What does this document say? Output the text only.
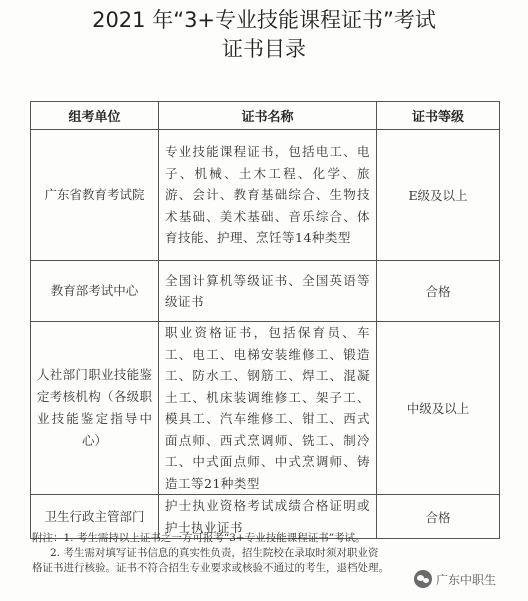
2021 年“3+专业技能课程证书”考试
证书目录
组考单位	证书名称	证书等级
广东省教育考试院	专业技能课程证书，包括电工、电子、机械、土木工程、化学、旅游、会计、教育基础综合、生物技术基础、美术基础、音乐综合、体育技能、护理、烹饪等14种类型	E级及以上
教育部考试中心	全国计算机等级证书、全国英语等级证书	合格
人社部门职业技能鉴定考核机构（各级职业技能鉴定指导中心）	职业资格证书，包括保育员、车工、电工、电梯安装维修工、锻造工、防水工、钢筋工、焊工、混凝土工、机床装调维修工、架子工、模具工、汽车维修工、钳工、西式面点师、西式烹调师、铣工、制冷工、中式面点师、中式烹调师、铸造工等21种类型	中级及以上
卫生行政主管部门	护士执业资格考试成绩合格证明或护士执业证书	合格

附注：1. 考生需持以上证书之一方可报考“3+专业技能课程证书”考试。

2. 考生需对填写证书信息的真实性负责，招生院校在录取时须对职业资

格证书进行核验。证书不符合招生专业要求或核验不通过的考生，退档处理。

广东中职生
